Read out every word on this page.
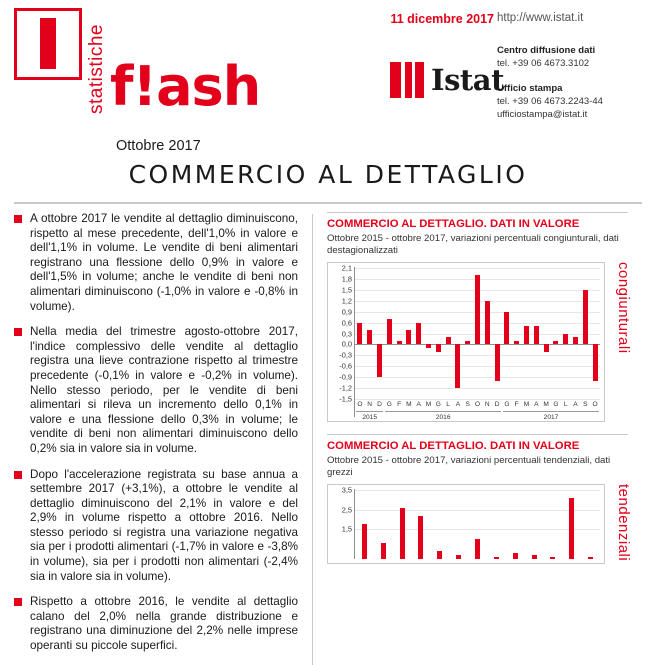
statistiche f!ash
11 dicembre 2017 http://www.istat.it
Centro diffusione dati
tel. +39 06 4673.3102
Ufficio stampa
tel. +39 06 4673.2243-44
ufficiostampa@istat.it
Istat
Ottobre 2017
COMMERCIO AL DETTAGLIO
A ottobre 2017 le vendite al dettaglio diminuiscono, rispetto al mese precedente, dell'1,0% in valore e dell'1,1% in volume. Le vendite di beni alimentari registrano una flessione dello 0,9% in valore e dell'1,5% in volume; anche le vendite di beni non alimentari diminuiscono (-1,0% in valore e -0,8% in volume).
Nella media del trimestre agosto-ottobre 2017, l'indice complessivo delle vendite al dettaglio registra una lieve contrazione rispetto al trimestre precedente (-0,1% in valore e -0,2% in volume). Nello stesso periodo, per le vendite di beni alimentari si rileva un incremento dello 0,1% in valore e una flessione dello 0,3% in volume; le vendite di beni non alimentari diminuiscono dello 0,2% sia in valore sia in volume.
Dopo l'accelerazione registrata su base annua a settembre 2017 (+3,1%), a ottobre le vendite al dettaglio diminuiscono del 2,1% in valore e del 2,9% in volume rispetto a ottobre 2016. Nello stesso periodo si registra una variazione negativa sia per i prodotti alimentari (-1,7% in valore e -3,8% in volume), sia per i prodotti non alimentari (-2,4% sia in valore sia in volume).
Rispetto a ottobre 2016, le vendite al dettaglio calano del 2,0% nella grande distribuzione e registrano una diminuzione del 2,2% nelle imprese operanti su piccole superfici.
COMMERCIO AL DETTAGLIO. DATI IN VALORE
Ottobre 2015 - ottobre 2017, variazioni percentuali congiunturali, dati destagionalizzati
2,1
1,8
1,5
1,2
0,9
0,6
0,3
0,0
-0,3
-0,6
-0,9
-1,2
-1,5
O N D G F M A M G L A S O N D G F M A M G L A S O
2015	2016	2017
congiunturali
COMMERCIO AL DETTAGLIO. DATI IN VALORE
Ottobre 2015 - ottobre 2017, variazioni percentuali tendenziali, dati grezzi
3,5
2,5
1,5	tendenziali
